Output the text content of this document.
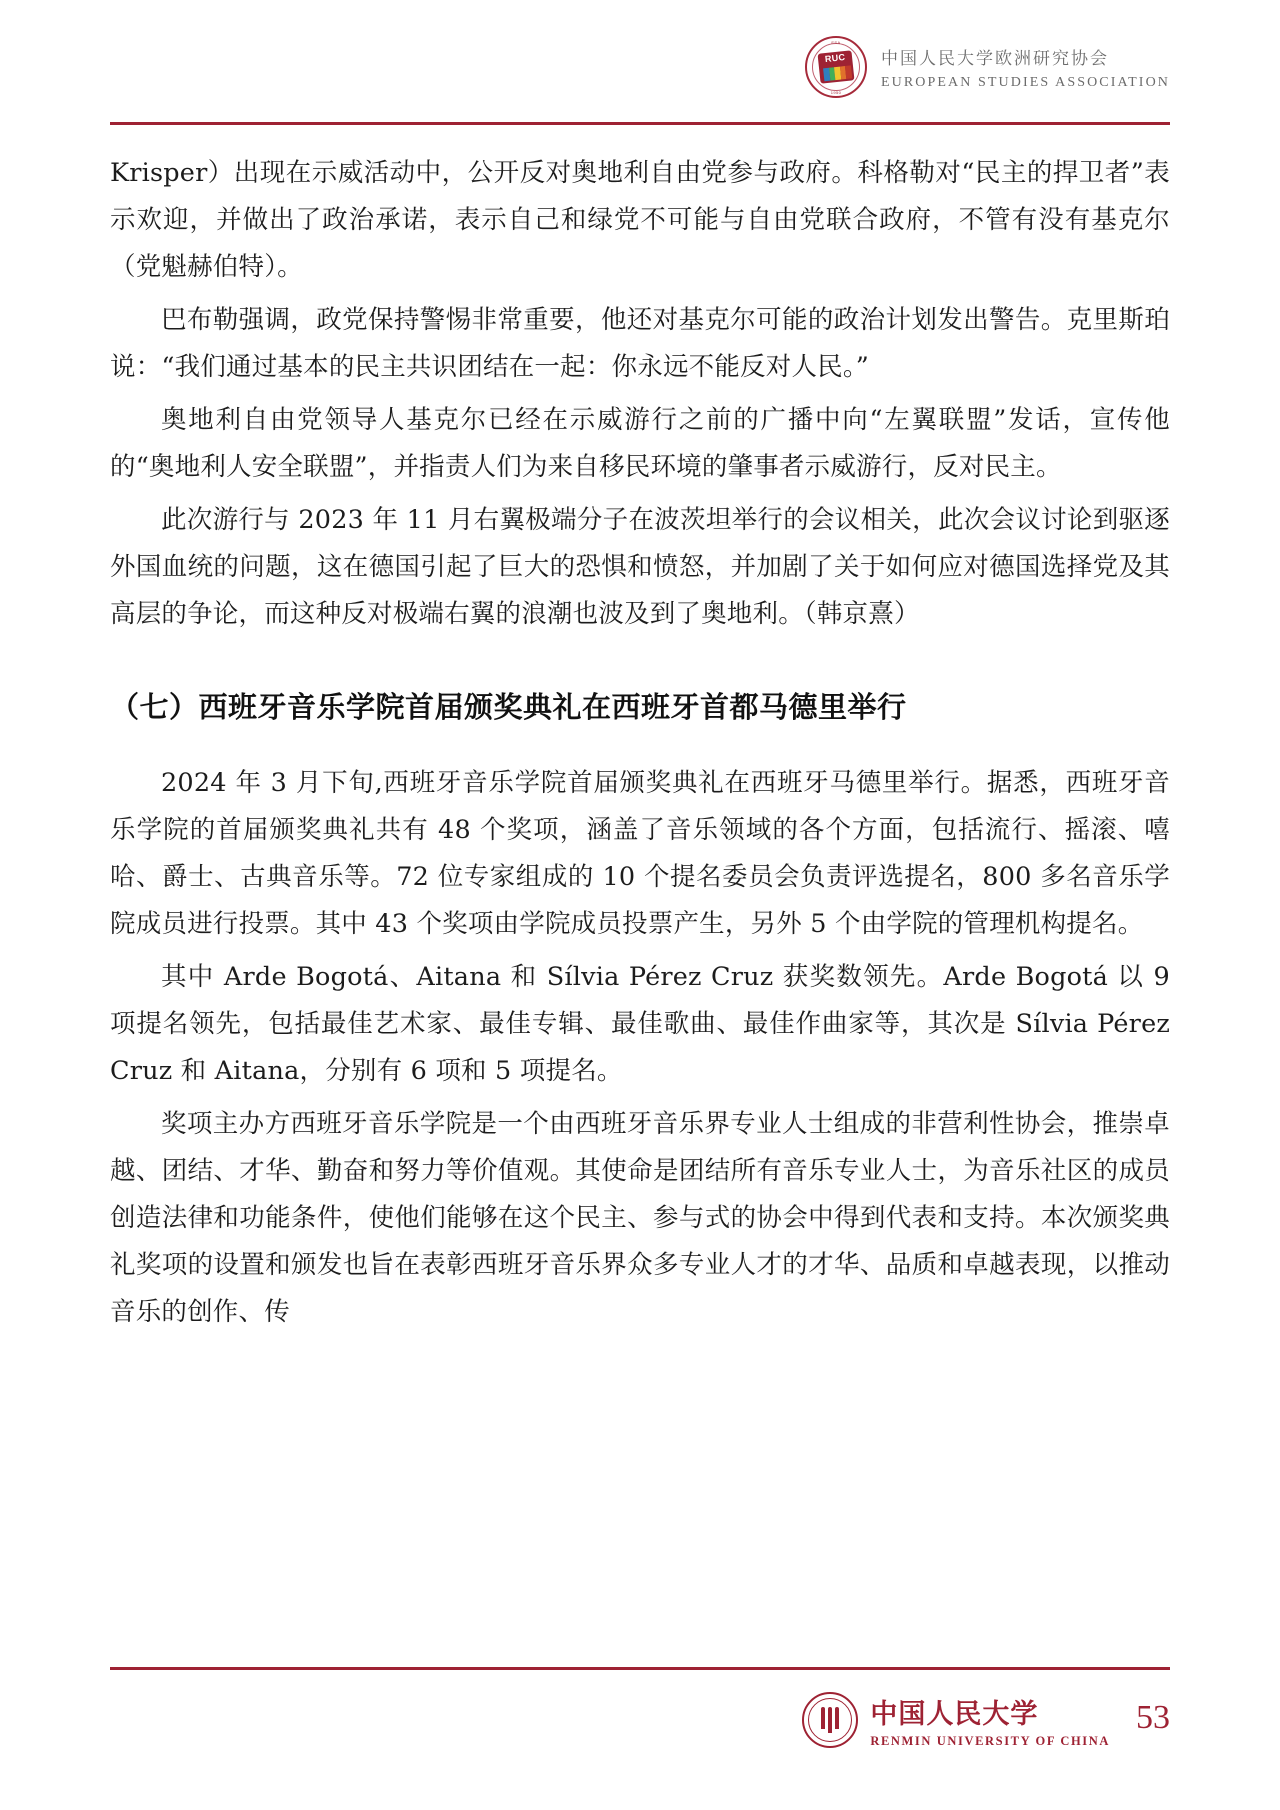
ESA
RUC
1950
中国人民大学欧洲研究协会
EUROPEAN STUDIES ASSOCIATION

Krisper）出现在示威活动中，公开反对奥地利自由党参与政府。科格勒对“民主的捍卫者”表示欢迎，并做出了政治承诺，表示自己和绿党不可能与自由党联合政府，不管有没有基克尔（党魁赫伯特）。

巴布勒强调，政党保持警惕非常重要，他还对基克尔可能的政治计划发出警告。克里斯珀说：“我们通过基本的民主共识团结在一起：你永远不能反对人民。”

奥地利自由党领导人基克尔已经在示威游行之前的广播中向“左翼联盟”发话，宣传他的“奥地利人安全联盟”，并指责人们为来自移民环境的肇事者示威游行，反对民主。

此次游行与 2023 年 11 月右翼极端分子在波茨坦举行的会议相关，此次会议讨论到驱逐外国血统的问题，这在德国引起了巨大的恐惧和愤怒，并加剧了关于如何应对德国选择党及其高层的争论，而这种反对极端右翼的浪潮也波及到了奥地利。（韩京熹）

（七）西班牙音乐学院首届颁奖典礼在西班牙首都马德里举行

2024 年 3 月下旬,西班牙音乐学院首届颁奖典礼在西班牙马德里举行。据悉，西班牙音乐学院的首届颁奖典礼共有 48 个奖项，涵盖了音乐领域的各个方面，包括流行、摇滚、嘻哈、爵士、古典音乐等。72 位专家组成的 10 个提名委员会负责评选提名，800 多名音乐学院成员进行投票。其中 43 个奖项由学院成员投票产生，另外 5 个由学院的管理机构提名。

其中 Arde Bogotá、Aitana 和 Sílvia Pérez Cruz 获奖数领先。Arde Bogotá 以 9 项提名领先，包括最佳艺术家、最佳专辑、最佳歌曲、最佳作曲家等，其次是 Sílvia Pérez Cruz 和 Aitana，分别有 6 项和 5 项提名。

奖项主办方西班牙音乐学院是一个由西班牙音乐界专业人士组成的非营利性协会，推崇卓越、团结、才华、勤奋和努力等价值观。其使命是团结所有音乐专业人士，为音乐社区的成员创造法律和功能条件，使他们能够在这个民主、参与式的协会中得到代表和支持。本次颁奖典礼奖项的设置和颁发也旨在表彰西班牙音乐界众多专业人才的才华、品质和卓越表现，以推动音乐的创作、传

中国人民大学
RENMIN UNIVERSITY OF CHINA
53
